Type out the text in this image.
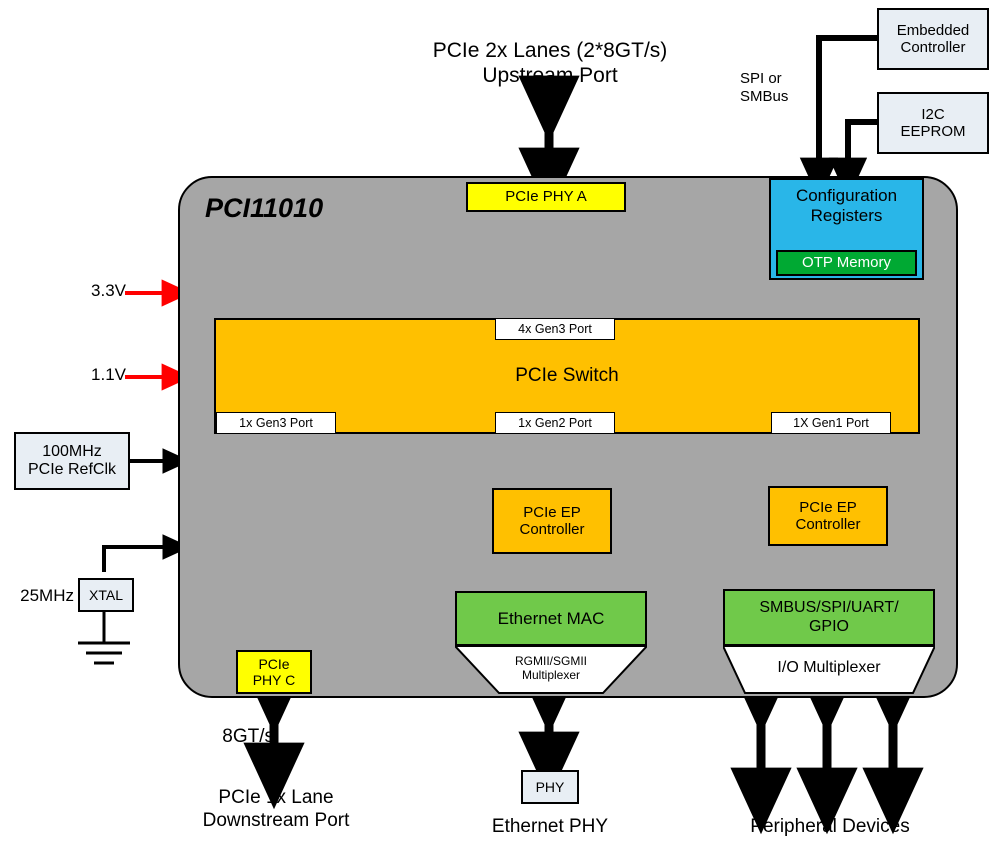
PCI11010
PCIe 2x Lanes (2*8GT/s)
Upstream Port
Embedded
Controller
I2C
EEPROM
SPI or
SMBus
3.3V
1.1V
100MHz
PCIe RefClk
XTAL
25MHz
PCIe PHY A	Configuration
Registers
OTP Memory
PCIe Switch
4x Gen3 Port
1x Gen3 Port	1x Gen2 Port	1X Gen1 Port
PCIe EP
Controller
PCIe EP
Controller
Ethernet MAC
RGMII/SGMII
Multiplexer
SMBUS/SPI/UART/
GPIO
I/O Multiplexer
PCIe
PHY C
8GT/s
PCIe 1x Lane
Downstream Port
PHY
Ethernet PHY	Peripheral Devices
